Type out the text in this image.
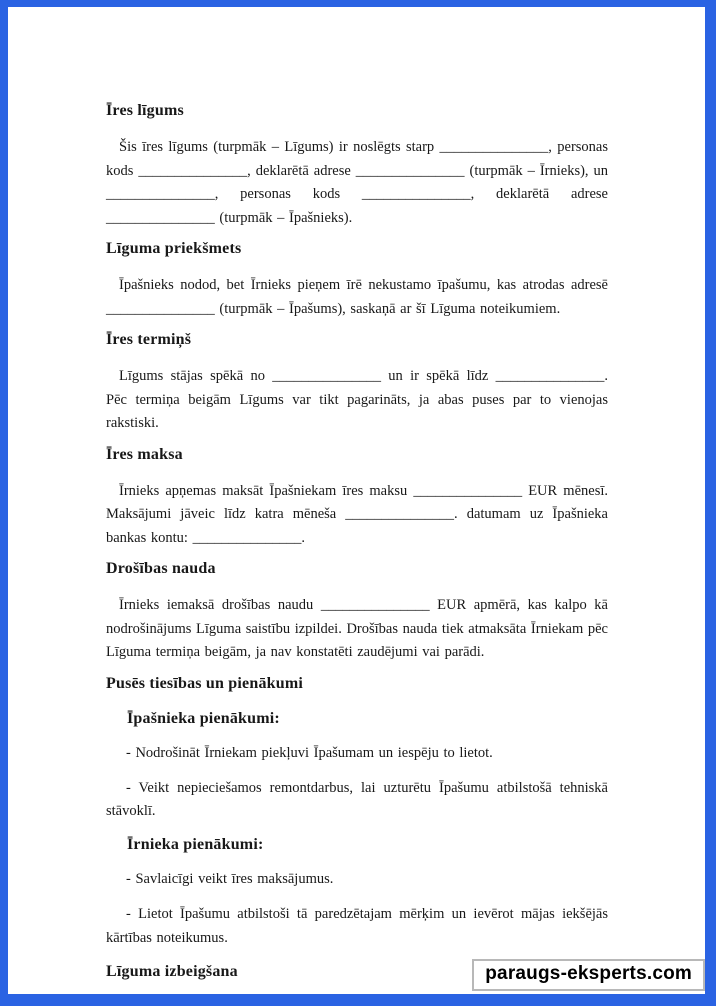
Īres līgums
Šis īres līgums (turpmāk – Līgums) ir noslēgts starp _______________, personas kods _______________, deklarētā adrese _______________ (turpmāk – Īrnieks), un _______________, personas kods _______________, deklarētā adrese _______________ (turpmāk – Īpašnieks).
Līguma priekšmets
Īpašnieks nodod, bet Īrnieks pieņem īrē nekustamo īpašumu, kas atrodas adresē _______________ (turpmāk – Īpašums), saskaņā ar šī Līguma noteikumiem.
Īres termiņš
Līgums stājas spēkā no _______________ un ir spēkā līdz _______________. Pēc termiņa beigām Līgums var tikt pagarināts, ja abas puses par to vienojas rakstiski.
Īres maksa
Īrnieks apņemas maksāt Īpašniekam īres maksu _______________ EUR mēnesī. Maksājumi jāveic līdz katra mēneša _______________. datumam uz Īpašnieka bankas kontu: _______________.
Drošības nauda
Īrnieks iemaksā drošības naudu _______________ EUR apmērā, kas kalpo kā nodrošinājums Līguma saistību izpildei. Drošības nauda tiek atmaksāta Īrniekam pēc Līguma termiņa beigām, ja nav konstatēti zaudējumi vai parādi.
Pusēs tiesības un pienākumi
Īpašnieka pienākumi:
- Nodrošināt Īrniekam piekļuvi Īpašumam un iespēju to lietot.
- Veikt nepieciešamos remontdarbus, lai uzturētu Īpašumu atbilstošā tehniskā stāvoklī.
Īrnieka pienākumi:
- Savlaicīgi veikt īres maksājumus.
- Lietot Īpašumu atbilstoši tā paredzētajam mērķim un ievērot mājas iekšējās kārtības noteikumus.
Līguma izbeigšana	paraugs-eksperts.com
